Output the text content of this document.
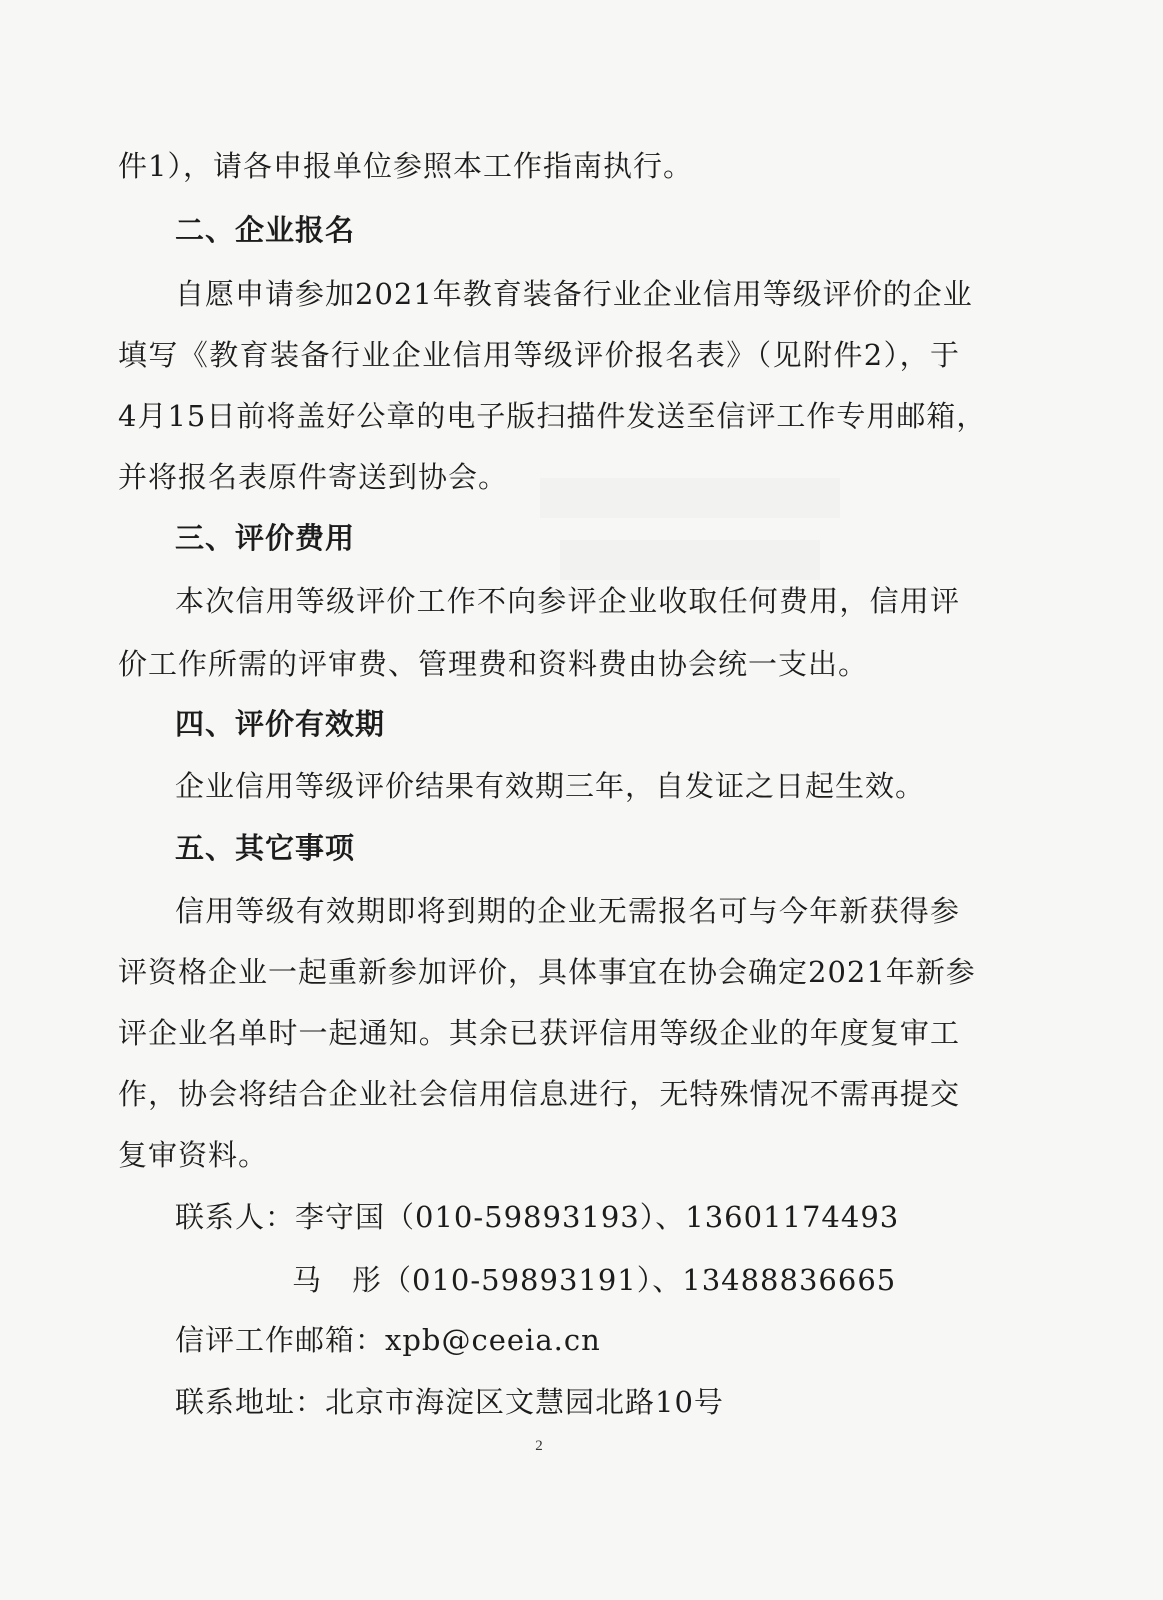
件1），请各申报单位参照本工作指南执行。

二、企业报名

自愿申请参加2021年教育装备行业企业信用等级评价的企业

填写《教育装备行业企业信用等级评价报名表》（见附件2），于

4月15日前将盖好公章的电子版扫描件发送至信评工作专用邮箱，

并将报名表原件寄送到协会。

三、评价费用

本次信用等级评价工作不向参评企业收取任何费用，信用评

价工作所需的评审费、管理费和资料费由协会统一支出。

四、评价有效期

企业信用等级评价结果有效期三年，自发证之日起生效。

五、其它事项

信用等级有效期即将到期的企业无需报名可与今年新获得参

评资格企业一起重新参加评价，具体事宜在协会确定2021年新参

评企业名单时一起通知。其余已获评信用等级企业的年度复审工

作，协会将结合企业社会信用信息进行，无特殊情况不需再提交

复审资料。

联系人：李守国（010-59893193）、13601174493

马　彤（010-59893191）、13488836665

信评工作邮箱：xpb@ceeia.cn

联系地址：北京市海淀区文慧园北路10号

2
